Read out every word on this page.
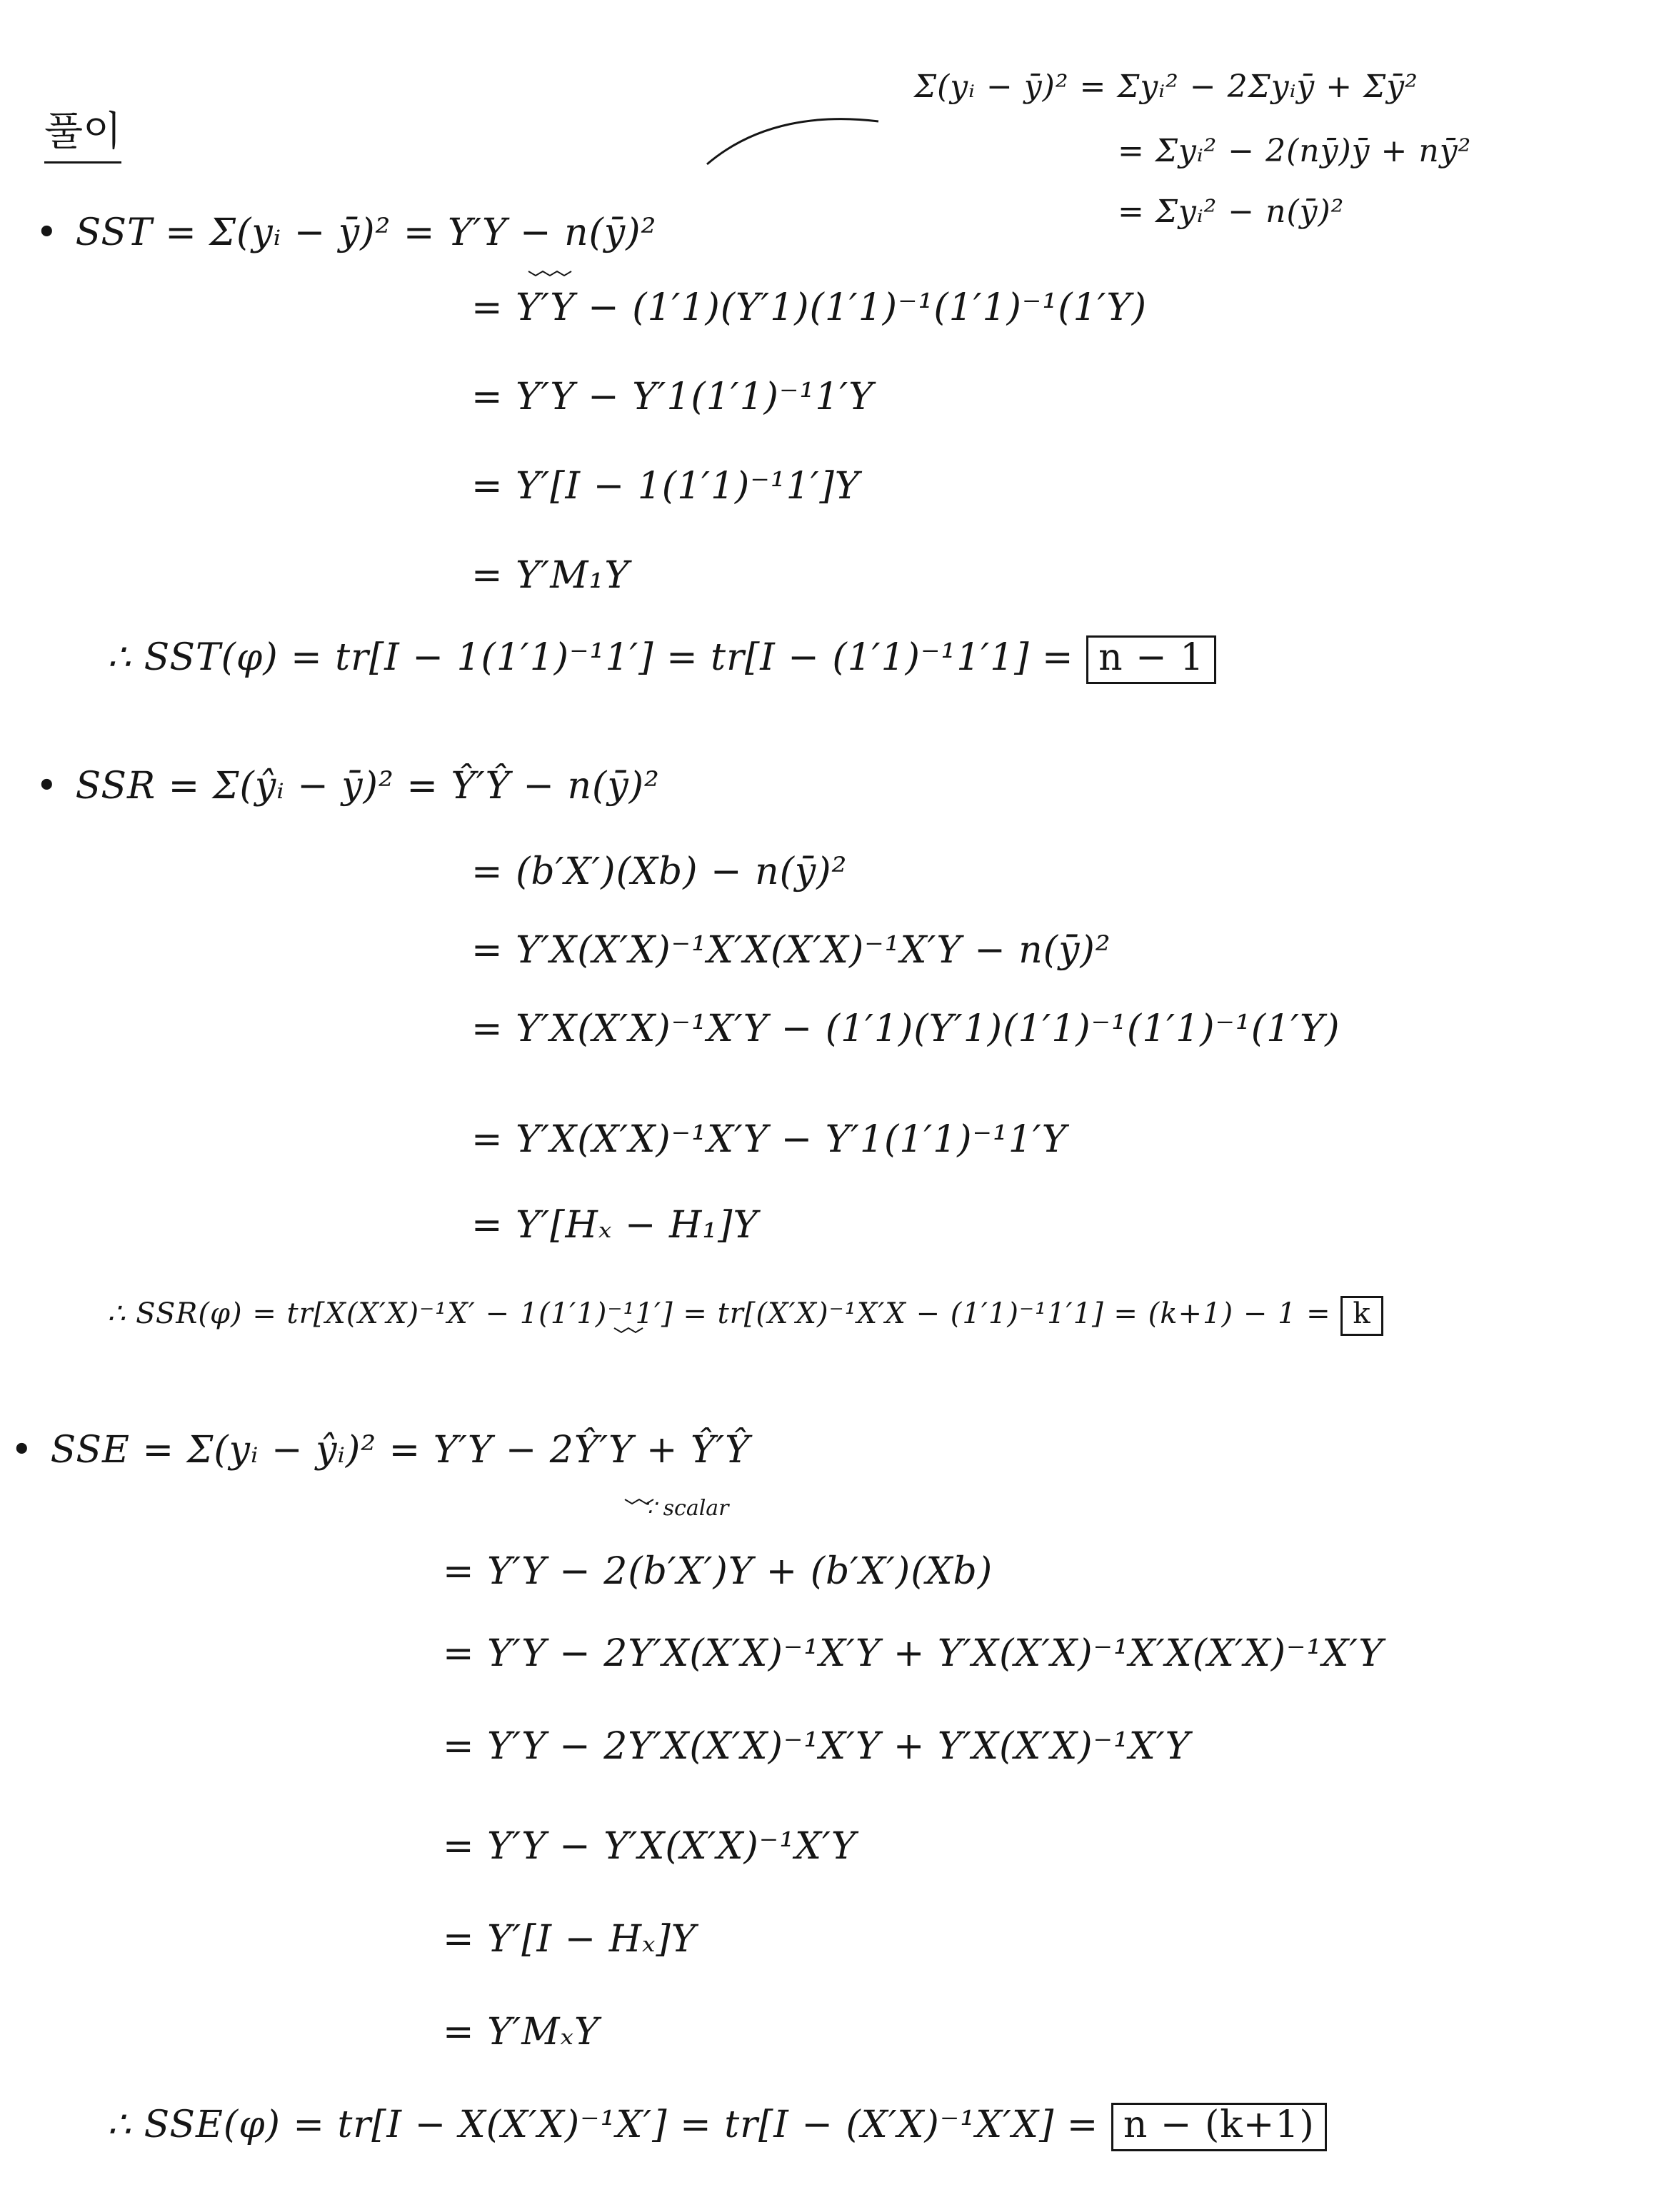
풀이
Σ(yᵢ − ȳ)² = Σyᵢ² − 2Σyᵢȳ + Σȳ²
= Σyᵢ² − 2(nȳ)ȳ + nȳ²
= Σyᵢ² − n(ȳ)²
• SST = Σ(yᵢ − ȳ)² = Y′Y − n(ȳ)²
= Y′Y − (1′1)(Y′1)(1′1)⁻¹(1′1)⁻¹(1′Y)
= Y′Y − Y′1(1′1)⁻¹1′Y
= Y′[I − 1(1′1)⁻¹1′]Y
= Y′M₁Y
∴ SST(φ) = tr[I − 1(1′1)⁻¹1′] = tr[I − (1′1)⁻¹1′1] = n − 1
• SSR = Σ(ŷᵢ − ȳ)² = Ŷ′Ŷ − n(ȳ)²
= (b′X′)(Xb) − n(ȳ)²
= Y′X(X′X)⁻¹X′X(X′X)⁻¹X′Y − n(ȳ)²
= Y′X(X′X)⁻¹X′Y − (1′1)(Y′1)(1′1)⁻¹(1′1)⁻¹(1′Y)
= Y′X(X′X)⁻¹X′Y − Y′1(1′1)⁻¹1′Y
= Y′[Hₓ − H₁]Y
∴ SSR(φ) = tr[X(X′X)⁻¹X′ − 1(1′1)⁻¹1′] = tr[(X′X)⁻¹X′X − (1′1)⁻¹1′1] = (k+1) − 1 = k
• SSE = Σ(yᵢ − ŷᵢ)² = Y′Y − 2Ŷ′Y + Ŷ′Ŷ
∵ scalar
= Y′Y − 2(b′X′)Y + (b′X′)(Xb)
= Y′Y − 2Y′X(X′X)⁻¹X′Y + Y′X(X′X)⁻¹X′X(X′X)⁻¹X′Y
= Y′Y − 2Y′X(X′X)⁻¹X′Y + Y′X(X′X)⁻¹X′Y
= Y′Y − Y′X(X′X)⁻¹X′Y
= Y′[I − Hₓ]Y
= Y′MₓY
∴ SSE(φ) = tr[I − X(X′X)⁻¹X′] = tr[I − (X′X)⁻¹X′X] = n − (k+1)
